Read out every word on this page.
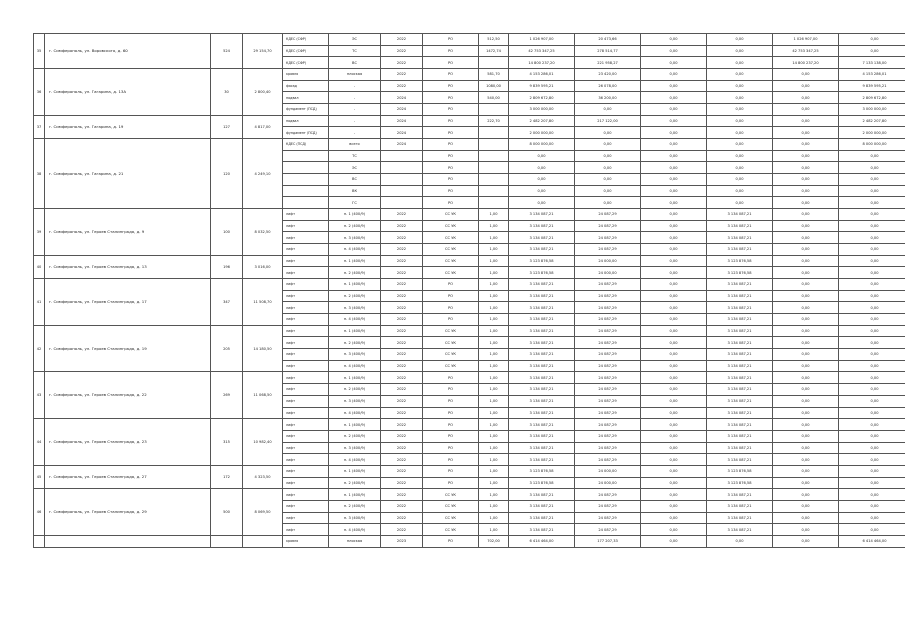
35	г. Симферополь, ул. Воровского, д. 60	524	29 154,70	КДЕС (СФР)	ЭС	2022	РО	512,50	1 026 907,00	20 473,66	0,00	0,00	1 026 907,00	0,00
				КДЕС (СФР)	ТС	2022	РО	1472,74	42 753 347,25	278 514,77	0,00	0,00	42 753 347,25	0,00
				КДЕС (СФР)	ВС	2022	РО		14 800 237,20	221 958,27	0,00	0,00	14 800 237,20	7 133 138,00
36	г. Симферополь, ул. Гагарина, д. 13А	30	2 800,40	кровля	плоская	2022	РО	581,70	4 153 286,01	23 420,00	0,00	0,00	0,00	4 153 286,01
				фасад	-	2022	РО	1080,00	9 839 595,21	26 078,00	0,00	0,00	0,00	9 839 595,21
				подвал	-	2024	РО	540,00	2 809 672,80	36 200,00	0,00	0,00	0,00	2 809 672,80
				фундамент (ПСД)	-	2024	РО		3 000 000,00	0,00	0,00	0,00	0,00	3 000 000,00
37	г. Симферополь, ул. Гагарина, д. 19	127	4 817,00	подвал	-	2024	РО	222,70	2 482 207,80	217 122,00	0,00	0,00	0,00	2 482 207,80
				фундамент (ПСД)	-	2024	РО		2 000 000,00	0,00	0,00	0,00	0,00	2 000 000,00
38	г. Симферополь, ул. Гагарина, д. 21	120	4 249,10	КДЕС (ПСД)	всего	2024	РО		8 000 000,00	0,00	0,00	0,00	0,00	8 000 000,00
					ТС		РО		0,00	0,00	0,00	0,00	0,00	0,00
					ЭС		РО		0,00	0,00	0,00	0,00	0,00	0,00
					ВС		РО		0,00	0,00	0,00	0,00	0,00	0,00
					ВК		РО		0,00	0,00	0,00	0,00	0,00	0,00
					ГС		РО		0,00	0,00	0,00	0,00	0,00	0,00
39	г. Симферополь, ул. Героев Сталинграда, д. 9	100	8 032,50	лифт	п. 1 (400/9)	2022	СС УК	1,00	3 134 087,21	24 087,29	0,00	3 134 087,21	0,00	0,00
				лифт	п. 2 (400/9)	2022	СС УК	1,00	3 134 087,21	24 087,29	0,00	3 134 087,21	0,00	0,00
				лифт	п. 3 (400/9)	2022	СС УК	1,00	3 134 087,21	24 087,29	0,00	3 134 087,21	0,00	0,00
				лифт	п. 4 (400/9)	2022	СС УК	1,00	3 134 087,21	24 087,29	0,00	3 134 087,21	0,00	0,00
40	г. Симферополь, ул. Героев Сталинграда, д. 13	196	3 016,00	лифт	п. 1 (400/9)	2022	СС УК	1,00	3 123 876,58	24 000,00	0,00	3 123 876,58	0,00	0,00
				лифт	п. 2 (400/9)	2022	СС УК	1,00	3 123 876,58	24 000,00	0,00	3 123 876,58	0,00	0,00
41	г. Симферополь, ул. Героев Сталинграда, д. 17	347	11 508,70	лифт	п. 1 (400/9)	2022	РО	1,00	3 134 087,21	24 087,29	0,00	3 134 087,21	0,00	0,00
				лифт	п. 2 (400/9)	2022	РО	1,00	3 134 087,21	24 087,29	0,00	3 134 087,21	0,00	0,00
				лифт	п. 3 (400/9)	2022	РО	1,00	3 134 087,21	24 087,29	0,00	3 134 087,21	0,00	0,00
				лифт	п. 4 (400/9)	2022	РО	1,00	3 134 087,21	24 087,29	0,00	3 134 087,21	0,00	0,00
42	г. Симферополь, ул. Героев Сталинграда, д. 19	205	14 180,50	лифт	п. 1 (400/9)	2022	СС УК	1,00	3 134 087,21	24 087,29	0,00	3 134 087,21	0,00	0,00
				лифт	п. 2 (400/9)	2022	СС УК	1,00	3 134 087,21	24 087,29	0,00	3 134 087,21	0,00	0,00
				лифт	п. 3 (400/9)	2022	СС УК	1,00	3 134 087,21	24 087,29	0,00	3 134 087,21	0,00	0,00
				лифт	п. 4 (400/9)	2022	СС УК	1,00	3 134 087,21	24 087,29	0,00	3 134 087,21	0,00	0,00
43	г. Симферополь, ул. Героев Сталинграда, д. 22	269	11 068,50	лифт	п. 1 (400/9)	2022	РО	1,00	3 134 087,21	24 087,29	0,00	3 134 087,21	0,00	0,00
				лифт	п. 2 (400/9)	2022	РО	1,00	3 134 087,21	24 087,29	0,00	3 134 087,21	0,00	0,00
				лифт	п. 3 (400/9)	2022	РО	1,00	3 134 087,21	24 087,29	0,00	3 134 087,21	0,00	0,00
				лифт	п. 4 (400/9)	2022	РО	1,00	3 134 087,21	24 087,29	0,00	3 134 087,21	0,00	0,00
44	г. Симферополь, ул. Героев Сталинграда, д. 23	315	10 982,40	лифт	п. 1 (400/9)	2022	РО	1,00	3 134 087,21	24 087,29	0,00	3 134 087,21	0,00	0,00
				лифт	п. 2 (400/9)	2022	РО	1,00	3 134 087,21	24 087,29	0,00	3 134 087,21	0,00	0,00
				лифт	п. 3 (400/9)	2022	РО	1,00	3 134 087,21	24 087,29	0,00	3 134 087,21	0,00	0,00
				лифт	п. 4 (400/9)	2022	РО	1,00	3 134 087,21	24 087,29	0,00	3 134 087,21	0,00	0,00
45	г. Симферополь, ул. Героев Сталинграда, д. 27	172	4 323,50	лифт	п. 1 (400/9)	2022	РО	1,00	3 123 876,58	24 000,00	0,00	3 123 876,58	0,00	0,00
				лифт	п. 2 (400/9)	2022	РО	1,00	3 123 876,58	24 000,00	0,00	3 123 876,58	0,00	0,00
46	г. Симферополь, ул. Героев Сталинграда, д. 29	500	8 069,50	лифт	п. 1 (400/9)	2022	СС УК	1,00	3 134 087,21	24 087,29	0,00	3 134 087,21	0,00	0,00
				лифт	п. 2 (400/9)	2022	СС УК	1,00	3 134 087,21	24 087,29	0,00	3 134 087,21	0,00	0,00
				лифт	п. 3 (400/9)	2022	СС УК	1,00	3 134 087,21	24 087,29	0,00	3 134 087,21	0,00	0,00
				лифт	п. 4 (400/9)	2022	СС УК	1,00	3 134 087,21	24 087,29	0,00	3 134 087,21	0,00	0,00
				кровля	плоская	2023	РО	702,00	6 414 464,00	177 207,33	0,00	0,00	0,00	6 414 464,00
